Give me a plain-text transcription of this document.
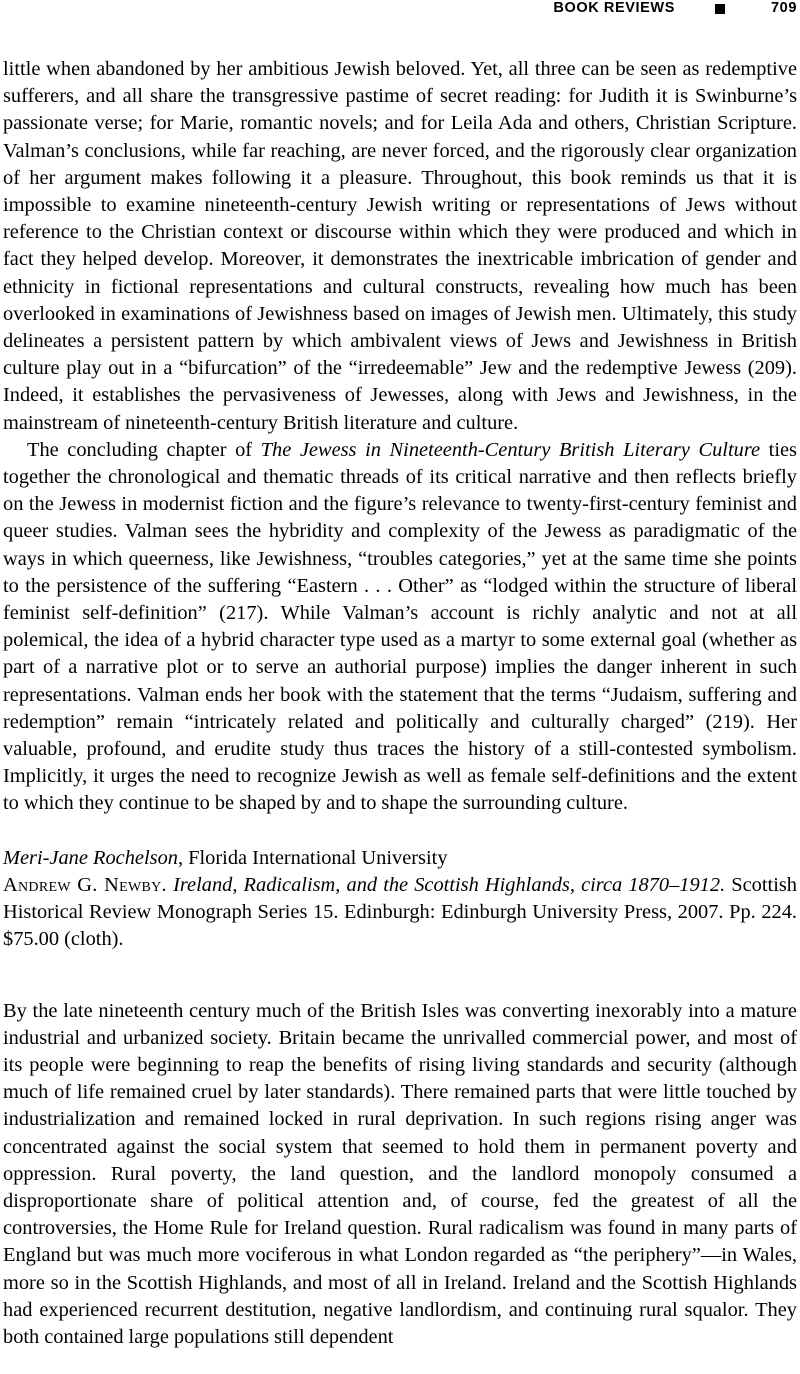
BOOK REVIEWS	709

little when abandoned by her ambitious Jewish beloved. Yet, all three can be seen as redemptive sufferers, and all share the transgressive pastime of secret reading: for Judith it is Swinburne’s passionate verse; for Marie, romantic novels; and for Leila Ada and others, Christian Scripture. Valman’s conclusions, while far reaching, are never forced, and the rigorously clear organization of her argument makes following it a pleasure. Throughout, this book reminds us that it is impossible to examine nineteenth-century Jewish writing or representations of Jews without reference to the Christian context or discourse within which they were produced and which in fact they helped develop. Moreover, it demonstrates the inextricable imbrication of gender and ethnicity in fictional representations and cultural constructs, revealing how much has been overlooked in examinations of Jewishness based on images of Jewish men. Ultimately, this study delineates a persistent pattern by which ambivalent views of Jews and Jewishness in British culture play out in a “bifurcation” of the “irredeemable” Jew and the redemptive Jewess (209). Indeed, it establishes the pervasiveness of Jewesses, along with Jews and Jewishness, in the mainstream of nineteenth-century British literature and culture.

The concluding chapter of The Jewess in Nineteenth-Century British Literary Culture ties together the chronological and thematic threads of its critical narrative and then reflects briefly on the Jewess in modernist fiction and the figure’s relevance to twenty-first-century feminist and queer studies. Valman sees the hybridity and complexity of the Jewess as paradigmatic of the ways in which queerness, like Jewishness, “troubles categories,” yet at the same time she points to the persistence of the suffering “Eastern . . . Other” as “lodged within the structure of liberal feminist self-definition” (217). While Valman’s account is richly analytic and not at all polemical, the idea of a hybrid character type used as a martyr to some external goal (whether as part of a narrative plot or to serve an authorial purpose) implies the danger inherent in such representations. Valman ends her book with the statement that the terms “Judaism, suffering and redemption” remain “intricately related and politically and culturally charged” (219). Her valuable, profound, and erudite study thus traces the history of a still-contested symbolism. Implicitly, it urges the need to recognize Jewish as well as female self-definitions and the extent to which they continue to be shaped by and to shape the surrounding culture.

Meri-Jane Rochelson, Florida International University

Andrew G. Newby. Ireland, Radicalism, and the Scottish Highlands, circa 1870–1912. Scottish Historical Review Monograph Series 15. Edinburgh: Edinburgh University Press, 2007. Pp. 224. $75.00 (cloth).

By the late nineteenth century much of the British Isles was converting inexorably into a mature industrial and urbanized society. Britain became the unrivalled commercial power, and most of its people were beginning to reap the benefits of rising living standards and security (although much of life remained cruel by later standards). There remained parts that were little touched by industrialization and remained locked in rural deprivation. In such regions rising anger was concentrated against the social system that seemed to hold them in permanent poverty and oppression. Rural poverty, the land question, and the landlord monopoly consumed a disproportionate share of political attention and, of course, fed the greatest of all the controversies, the Home Rule for Ireland question. Rural radicalism was found in many parts of England but was much more vociferous in what London regarded as “the periphery”—in Wales, more so in the Scottish Highlands, and most of all in Ireland. Ireland and the Scottish Highlands had experienced recurrent destitution, negative landlordism, and continuing rural squalor. They both contained large populations still dependent
